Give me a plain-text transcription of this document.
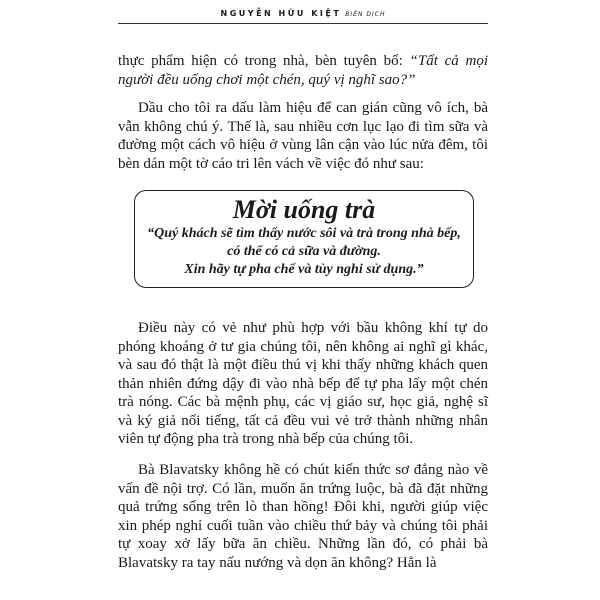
NGUYỄN HỮU KIỆT BIÊN DỊCH

thực phẩm hiện có trong nhà, bèn tuyên bố: “Tất cả mọi người đều uống chơi một chén, quý vị nghĩ sao?”

Dầu cho tôi ra dấu làm hiệu để can gián cũng vô ích, bà vẫn không chú ý. Thế là, sau nhiều cơn lục lạo đi tìm sữa và đường một cách vô hiệu ở vùng lân cận vào lúc nửa đêm, tôi bèn dán một tờ cáo tri lên vách về việc đó như sau:

Mời uống trà
“Quý khách sẽ tìm thấy nước sôi và trà trong nhà bếp,
có thể có cả sữa và đường.
Xin hãy tự pha chế và tùy nghi sử dụng.”

Điều này có vẻ như phù hợp với bầu không khí tự do phóng khoáng ở tư gia chúng tôi, nên không ai nghĩ gì khác, và sau đó thật là một điều thú vị khi thấy những khách quen thản nhiên đứng dậy đi vào nhà bếp để tự pha lấy một chén trà nóng. Các bà mệnh phụ, các vị giáo sư, học giả, nghệ sĩ và ký giả nổi tiếng, tất cả đều vui vẻ trở thành những nhân viên tự động pha trà trong nhà bếp của chúng tôi.

Bà Blavatsky không hề có chút kiến thức sơ đẳng nào về vấn đề nội trợ. Có lần, muốn ăn trứng luộc, bà đã đặt những quả trứng sống trên lò than hồng! Đôi khi, người giúp việc xin phép nghỉ cuối tuần vào chiều thứ bảy và chúng tôi phải tự xoay xở lấy bữa ăn chiều. Những lần đó, có phải bà Blavatsky ra tay nấu nướng và dọn ăn không? Hẳn là
